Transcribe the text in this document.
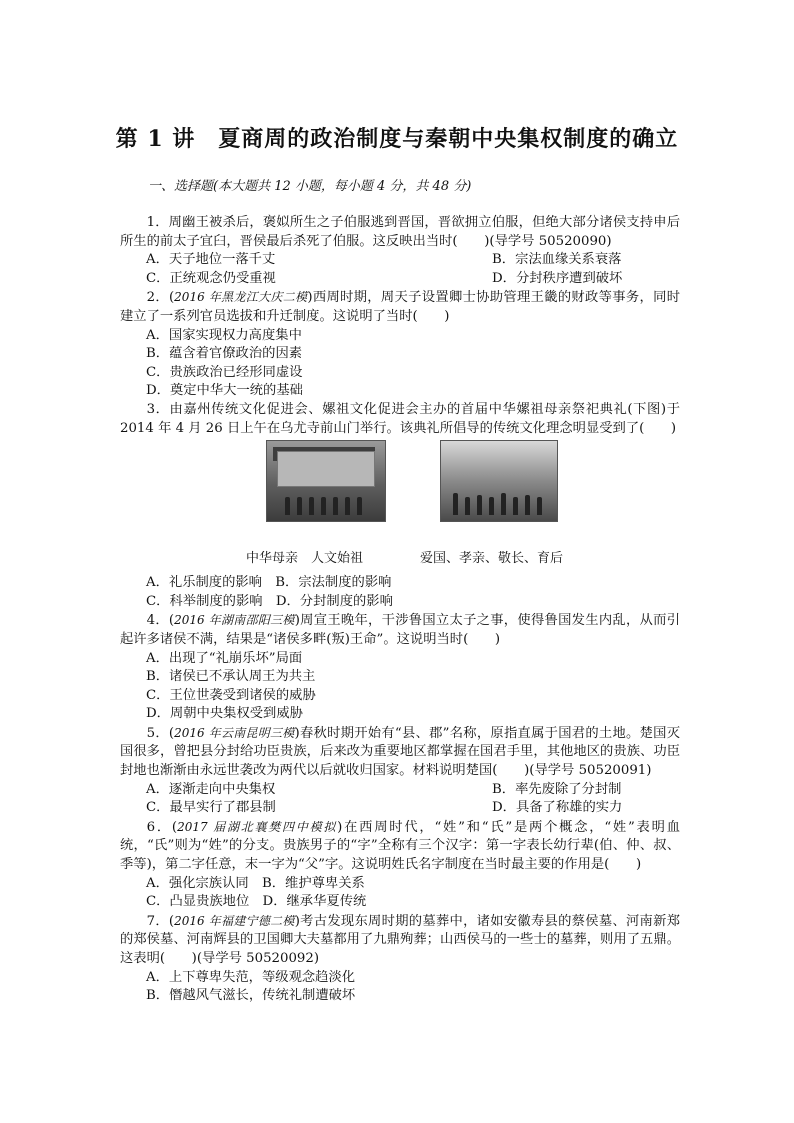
第 1 讲　夏商周的政治制度与秦朝中央集权制度的确立
一、选择题(本大题共 12 小题，每小题 4 分，共 48 分)

1．周幽王被杀后，褒姒所生之子伯服逃到晋国，晋欲拥立伯服，但绝大部分诸侯支持申后所生的前太子宜臼，晋侯最后杀死了伯服。这反映出当时(　　)(导学号 50520090)

A．天子地位一落千丈	B．宗法血缘关系衰落
C．正统观念仍受重视	D．分封秩序遭到破坏

2．(2016 年黑龙江大庆二模)西周时期，周天子设置卿士协助管理王畿的财政等事务，同时建立了一系列官员选拔和升迁制度。这说明了当时(　　)

A．国家实现权力高度集中

B．蕴含着官僚政治的因素

C．贵族政治已经形同虚设

D．奠定中华大一统的基础

3．由嘉州传统文化促进会、嫘祖文化促进会主办的首届中华嫘祖母亲祭祀典礼(下图)于 2014 年 4 月 26 日上午在乌尤寺前山门举行。该典礼所倡导的传统文化理念明显受到了(　　)

中华母亲　人文始祖	爱国、孝亲、敬长、育后

A．礼乐制度的影响　B．宗法制度的影响

C．科举制度的影响　D．分封制度的影响

4．(2016 年湖南邵阳三模)周宣王晚年，干涉鲁国立太子之事，使得鲁国发生内乱，从而引起许多诸侯不满，结果是“诸侯多畔(叛)王命”。这说明当时(　　)

A．出现了“礼崩乐坏”局面

B．诸侯已不承认周王为共主

C．王位世袭受到诸侯的威胁

D．周朝中央集权受到威胁

5．(2016 年云南昆明三模)春秋时期开始有“县、郡”名称，原指直属于国君的土地。楚国灭国很多，曾把县分封给功臣贵族，后来改为重要地区都掌握在国君手里，其他地区的贵族、功臣封地也渐渐由永远世袭改为两代以后就收归国家。材料说明楚国(　　)(导学号 50520091)

A．逐渐走向中央集权	B．率先废除了分封制
C．最早实行了郡县制	D．具备了称雄的实力

6．(2017 届湖北襄樊四中模拟)在西周时代，“姓”和“氏”是两个概念，“姓”表明血统，“氏”则为“姓”的分支。贵族男子的“字”全称有三个汉字：第一字表长幼行辈(伯、仲、叔、季等)，第二字任意，末一字为“父”字。这说明姓氏名字制度在当时最主要的作用是(　　)

A．强化宗族认同　B．维护尊卑关系

C．凸显贵族地位　D．继承华夏传统

7．(2016 年福建宁德二模)考古发现东周时期的墓葬中，诸如安徽寿县的蔡侯墓、河南新郑的郑侯墓、河南辉县的卫国卿大夫墓都用了九鼎殉葬；山西侯马的一些士的墓葬，则用了五鼎。这表明(　　)(导学号 50520092)

A．上下尊卑失范，等级观念趋淡化

B．僭越风气滋长，传统礼制遭破坏
